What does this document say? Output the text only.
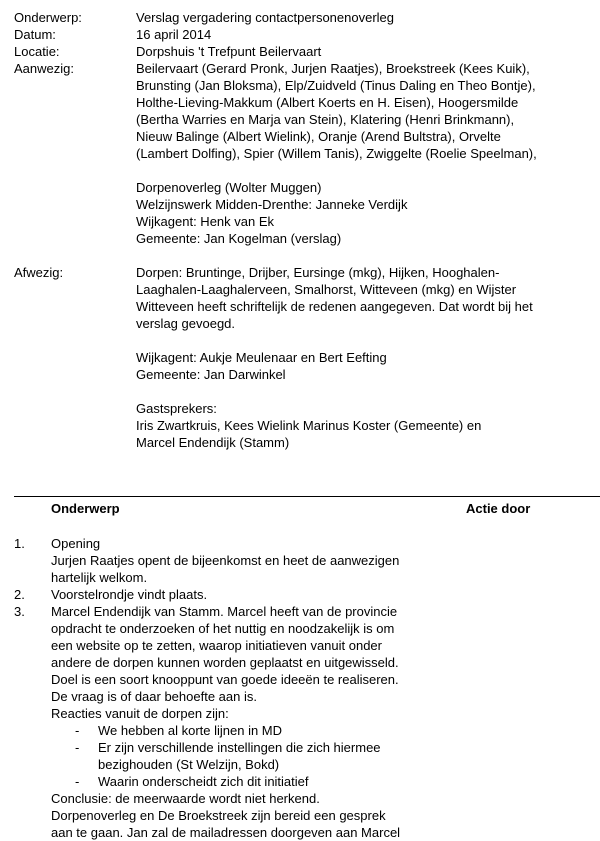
Onderwerp:	Verslag vergadering contactpersonenoverleg
Datum:	16 april 2014
Locatie:	Dorpshuis 't Trefpunt Beilervaart
Aanwezig:	Beilervaart (Gerard Pronk, Jurjen Raatjes), Broekstreek (Kees Kuik),
Brunsting (Jan Bloksma), Elp/Zuidveld (Tinus Daling en Theo Bontje),
Holthe-Lieving-Makkum (Albert Koerts en H. Eisen), Hoogersmilde
(Bertha Warries en Marja van Stein), Klatering (Henri Brinkmann),
Nieuw Balinge (Albert Wielink), Oranje (Arend Bultstra), Orvelte
(Lambert Dolfing), Spier (Willem Tanis), Zwiggelte (Roelie Speelman),
Dorpenoverleg (Wolter Muggen)
Welzijnswerk Midden-Drenthe: Janneke Verdijk
Wijkagent: Henk van Ek
Gemeente: Jan Kogelman (verslag)
Afwezig:	Dorpen: Bruntinge, Drijber, Eursinge (mkg), Hijken, Hooghalen-
Laaghalen-Laaghalerveen, Smalhorst, Witteveen (mkg) en Wijster
Witteveen heeft schriftelijk de redenen aangegeven. Dat wordt bij het
verslag gevoegd.
Wijkagent: Aukje Meulenaar en Bert Eefting
Gemeente: Jan Darwinkel
Gastsprekers:
Iris Zwartkruis, Kees Wielink Marinus Koster (Gemeente) en
Marcel Endendijk (Stamm)
Onderwerp	Actie door
1. Opening
Jurjen Raatjes opent de bijeenkomst en heet de aanwezigen
hartelijk welkom.
2. Voorstelrondje vindt plaats.
3. Marcel Endendijk van Stamm. Marcel heeft van de provincie
opdracht te onderzoeken of het nuttig en noodzakelijk is om
een website op te zetten, waarop initiatieven vanuit onder
andere de dorpen kunnen worden geplaatst en uitgewisseld.
Doel is een soort knooppunt van goede ideeën te realiseren.
De vraag is of daar behoefte aan is.
Reacties vanuit de dorpen zijn:
- We hebben al korte lijnen in MD
- Er zijn verschillende instellingen die zich hiermee
bezighouden (St Welzijn, Bokd)
- Waarin onderscheidt zich dit initiatief
Conclusie: de meerwaarde wordt niet herkend.
Dorpenoverleg en De Broekstreek zijn bereid een gesprek
aan te gaan. Jan zal de mailadressen doorgeven aan Marcel
